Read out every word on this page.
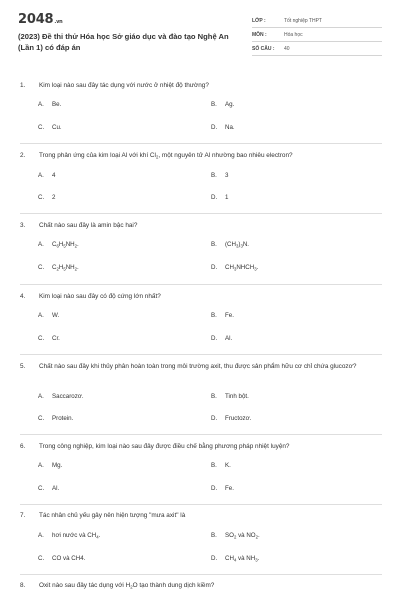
2048.vn
(2023) Đề thi thử Hóa học Sở giáo dục và đào tạo Nghệ An (Lần 1) có đáp án
LỚP :	Tốt nghiệp THPT
MÔN :	Hóa học
SỐ CÂU :	40
1.	Kim loại nào sau đây tác dụng với nước ở nhiệt độ thường?
A. Be.	B. Ag.
C. Cu.	D. Na.
2.	Trong phản ứng của kim loại Al với khí $Cl_2$, một nguyên tử Al nhường bao nhiêu electron?
A. 4	B. 3
C. 2	D. 1
3.	Chất nào sau đây là amin bậc hai?
A. $C_6H_5NH_2$.	B. $(CH_3)_3N$.
C. $C_2H_5NH_2$.	D. $CH_3NHCH_3$.
4.	Kim loại nào sau đây có độ cứng lớn nhất?
A. W.	B. Fe.
C. Cr.	D. Al.
5.	Chất nào sau đây khi thủy phân hoàn toàn trong môi trường axit, thu được sản phẩm hữu cơ chỉ chứa glucozơ?
A. Saccarozơ.	B. Tinh bột.
C. Protein.	D. Fructozơ.
6.	Trong công nghiệp, kim loại nào sau đây được điều chế bằng phương pháp nhiệt luyện?
A. Mg.	B. K.
C. Al.	D. Fe.
7.	Tác nhân chủ yếu gây nên hiện tượng "mưa axit" là
A. hơi nước và $CH_4$.	B. $SO_2$ và $NO_2$.
C. CO và CH4.	D. $CH_4$ và $NH_3$.
8.	Oxit nào sau đây tác dụng với $H_2O$ tạo thành dung dịch kiềm?
